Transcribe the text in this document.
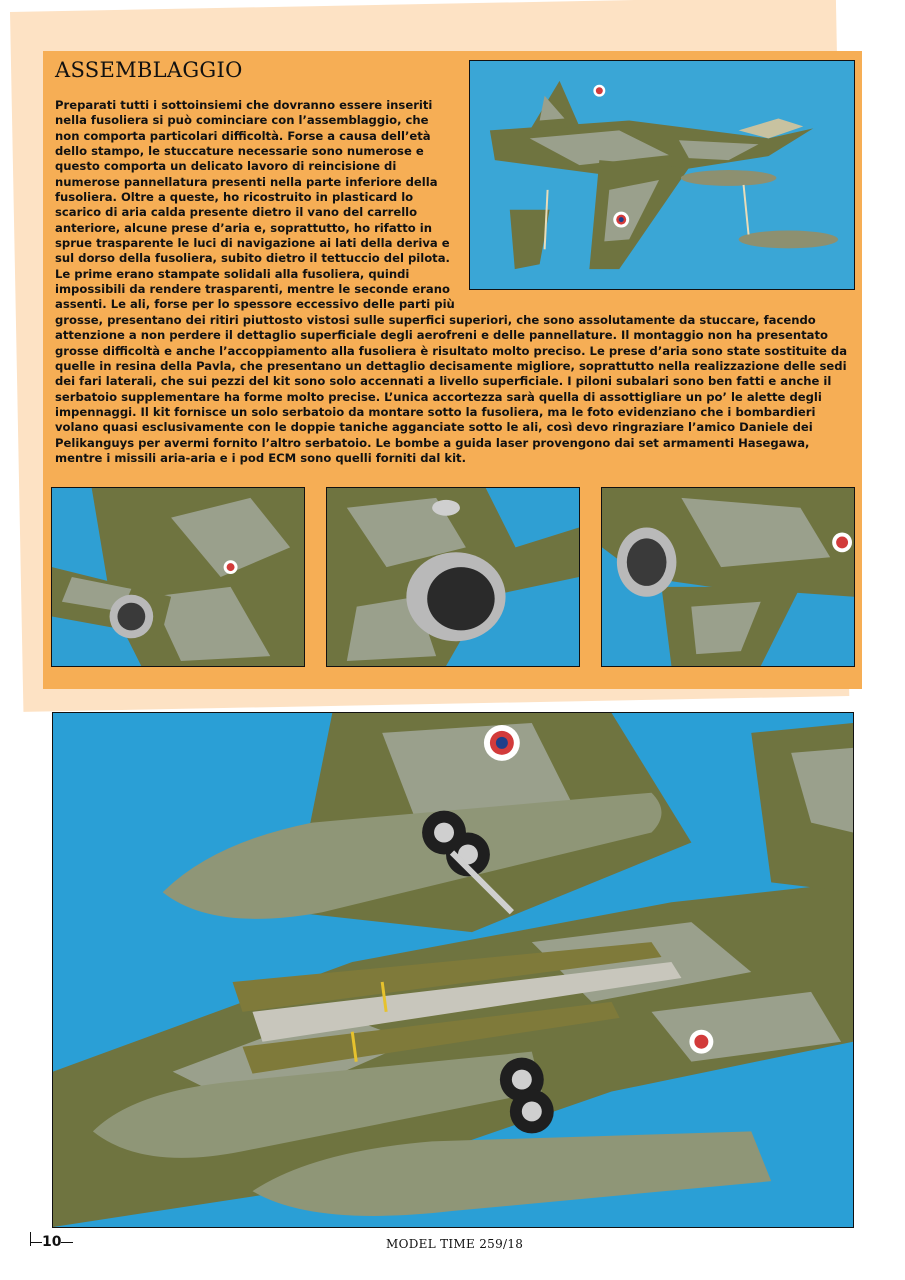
ASSEMBLAGGIO

Preparati tutti i sottoinsiemi che dovranno essere inseriti nella fusoliera si può cominciare con l’assemblaggio, che non comporta particolari difficoltà. Forse a causa dell’età dello stampo, le stuccature necessarie sono numerose e questo comporta un delicato lavoro di reincisione di numerose pannellatura presenti nella parte inferiore della fusoliera. Oltre a queste, ho ricostruito in plasticard lo scarico di aria calda presente dietro il vano del carrello anteriore, alcune prese d’aria e, soprattutto, ho rifatto in sprue trasparente le luci di navigazione ai lati della deriva e sul dorso della fusoliera, subito dietro il tettuccio del pilota. Le prime erano stampate solidali alla fusoliera, quindi impossibili da rendere trasparenti, mentre le seconde erano assenti. Le ali, forse per lo spessore eccessivo delle parti più grosse, presentano dei ritiri piuttosto vistosi sulle superfici superiori, che sono assolutamente da stuccare, facendo attenzione a non perdere il dettaglio superficiale degli aerofreni e delle pannellature. Il montaggio non ha presentato grosse difficoltà e anche l’accoppiamento alla fusoliera è risultato molto preciso. Le prese d’aria sono state sostituite da quelle in resina della Pavla, che presentano un dettaglio decisamente migliore, soprattutto nella realizzazione delle sedi dei fari laterali, che sui pezzi del kit sono solo accennati a livello superficiale. I piloni subalari sono ben fatti e anche il serbatoio supplementare ha forme molto precise. L’unica accortezza sarà quella di assottigliare un po’ le alette degli impennaggi. Il kit fornisce un solo serbatoio da montare sotto la fusoliera, ma le foto evidenziano che i bombardieri volano quasi esclusivamente con le doppie taniche agganciate sotto le ali, così devo ringraziare l’amico Daniele dei Pelikanguys per avermi fornito l’altro serbatoio. Le bombe a guida laser provengono dai set armamenti Hasegawa, mentre i missili aria-aria e i pod ECM sono quelli forniti dal kit.

10	MODEL TIME 259/18
